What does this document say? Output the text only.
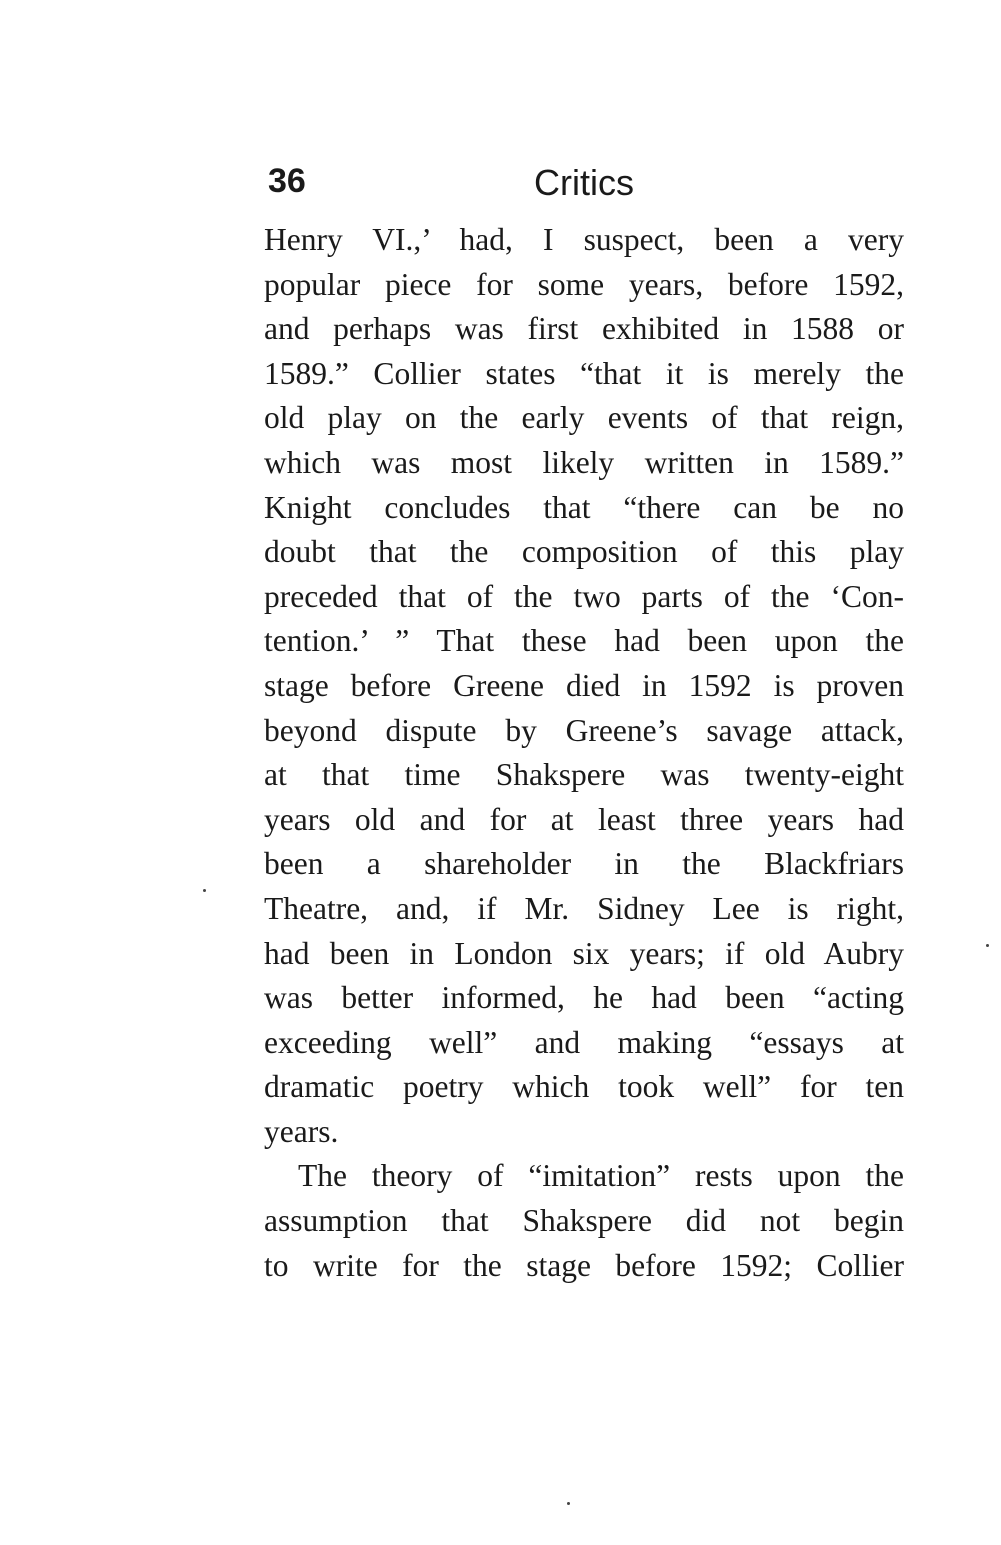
36	Critics
Henry VI.,’ had, I suspect, been a very
popular piece for some years, before 1592,
and perhaps was first exhibited in 1588 or
1589.” Collier states “that it is merely the
old play on the early events of that reign,
which was most likely written in 1589.”
Knight concludes that “there can be no
doubt that the composition of this play
preceded that of the two parts of the ‘Con-
tention.’ ” That these had been upon the
stage before Greene died in 1592 is proven
beyond dispute by Greene’s savage attack,
at that time Shakspere was twenty-eight
years old and for at least three years had
been a shareholder in the Blackfriars
Theatre, and, if Mr. Sidney Lee is right,
had been in London six years; if old Aubry
was better informed, he had been “acting
exceeding well” and making “essays at
dramatic poetry which took well” for ten
years.
The theory of “imitation” rests upon the
assumption that Shakspere did not begin
to write for the stage before 1592; Collier
